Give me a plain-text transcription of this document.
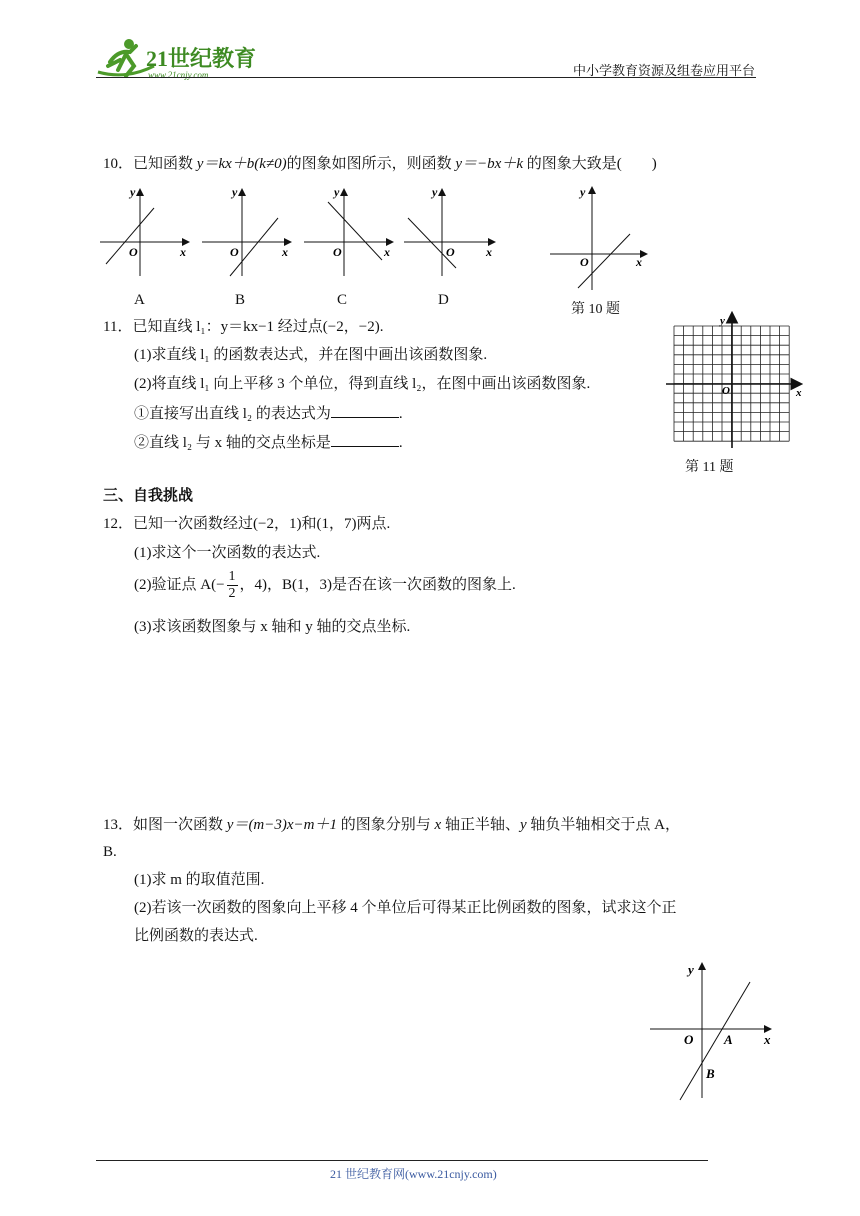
21世纪教育
www.21cnjy.com	中小学教育资源及组卷应用平台
10．已知函数 y＝kx＋b(k≠0)的图象如图所示，则函数 y＝−bx＋k 的图象大致是(　　)
y
x
O
y
x
O
y
x
O
y
x
O
y
x
O
A	B	C	D
第 10 题
11．已知直线 l₁：y＝kx−1 经过点(−2，−2).
(1)求直线 l₁ 的函数表达式，并在图中画出该函数图象.
(2)将直线 l₁ 向上平移 3 个单位，得到直线 l₂，在图中画出该函数图象.
①直接写出直线 l₂ 的表达式为	.
②直线 l₂ 与 x 轴的交点坐标是	.
y
x
O
第 11 题
三、自我挑战
12．已知一次函数经过(−2，1)和(1，7)两点.
(1)求这个一次函数的表达式.
(2)验证点 $A(- \frac{1}{2}$ ，4)，B(1，3)是否在该一次函数的图象上.
(3)求该函数图象与 x 轴和 y 轴的交点坐标.
13．如图一次函数 y＝(m−3)x−m＋1 的图象分别与 x 轴正半轴、y 轴负半轴相交于点 A，
B.
(1)求 m 的取值范围.
(2)若该一次函数的图象向上平移 4 个单位后可得某正比例函数的图象，试求这个正
比例函数的表达式.
y
x
O A
B
21 世纪教育网(www.21cnjy.com)
